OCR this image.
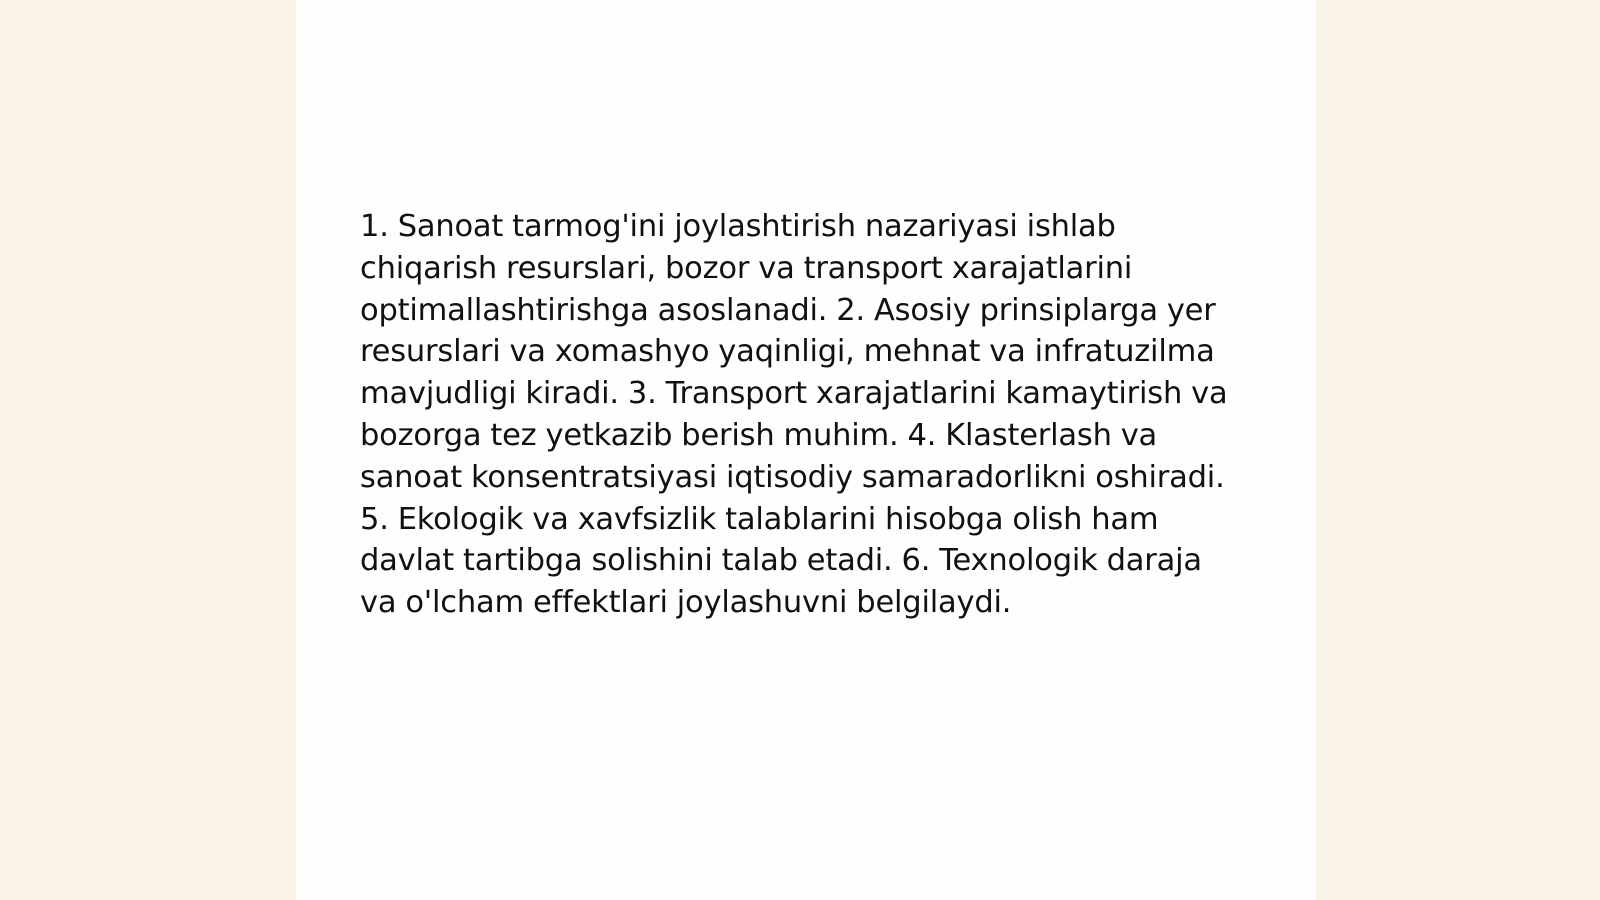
1. Sanoat tarmog'ini joylashtirish nazariyasi ishlab chiqarish resurslari, bozor va transport xarajatlarini optimallashtirishga asoslanadi. 2. Asosiy prinsiplarga yer resurslari va xomashyo yaqinligi, mehnat va infratuzilma mavjudligi kiradi. 3. Transport xarajatlarini kamaytirish va bozorga tez yetkazib berish muhim. 4. Klasterlash va sanoat konsentratsiyasi iqtisodiy samaradorlikni oshiradi. 5. Ekologik va xavfsizlik talablarini hisobga olish ham davlat tartibga solishini talab etadi. 6. Texnologik daraja va o'lcham effektlari joylashuvni belgilaydi.
